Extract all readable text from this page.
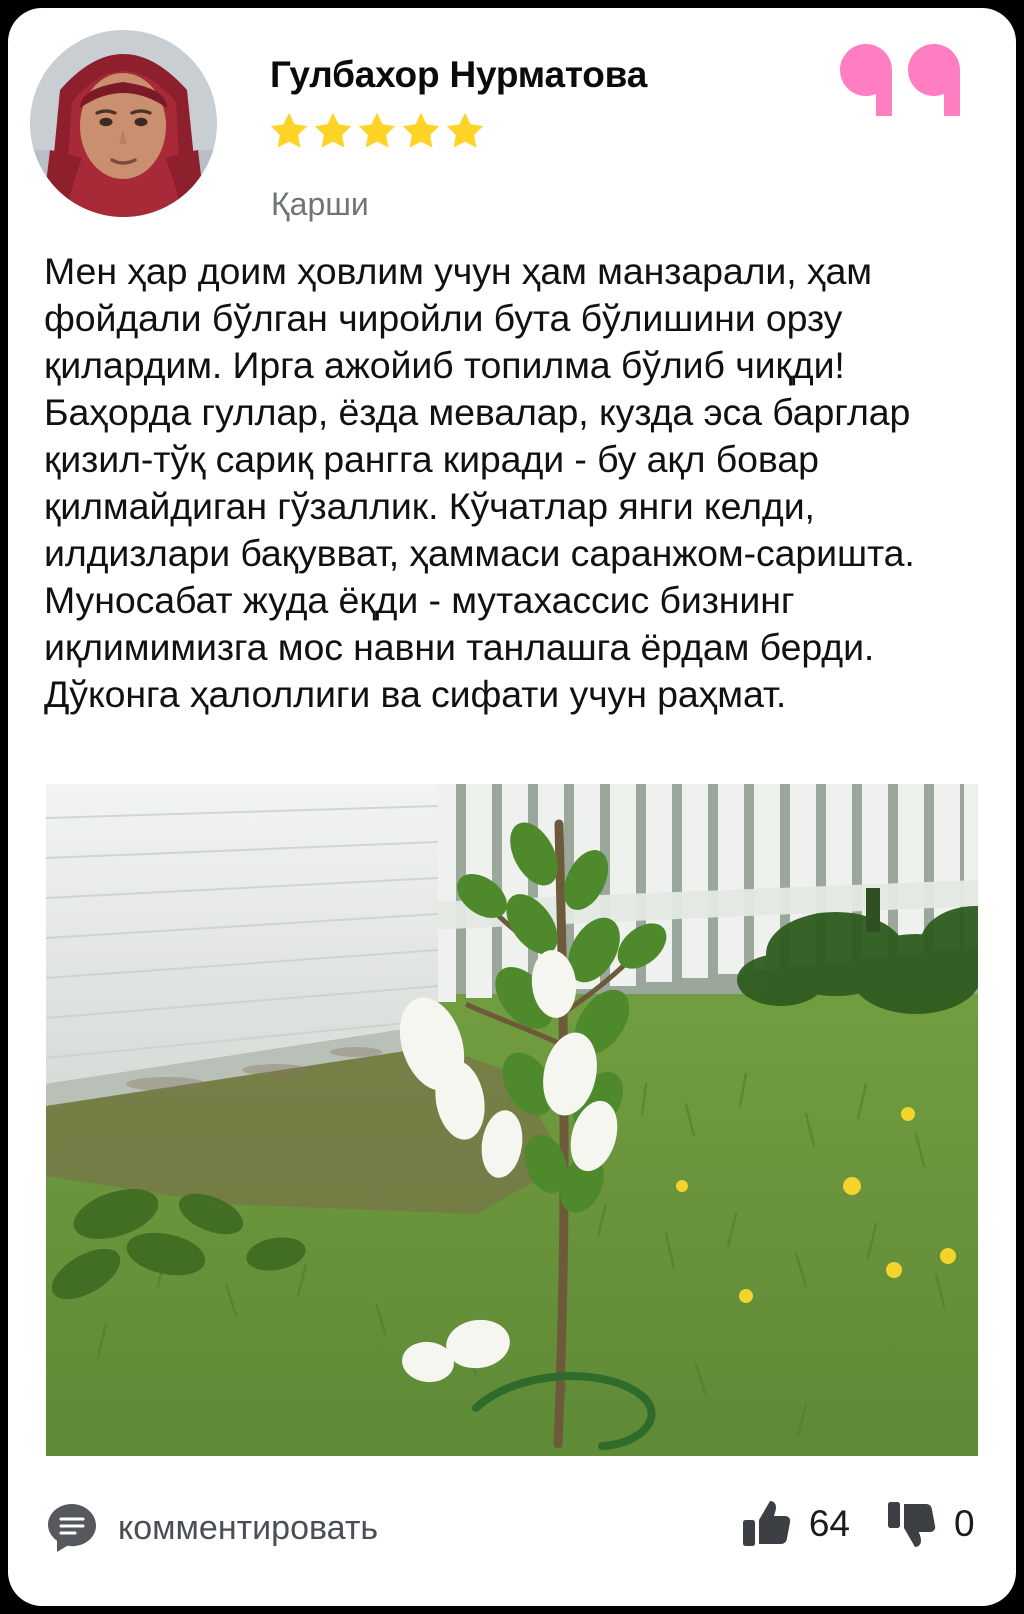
Гулбахор Нурматова
Қарши
Мен ҳар доим ҳовлим учун ҳам манзарали, ҳам фойдали бўлган чиройли бута бўлишини орзу қилардим. Ирга ажойиб топилма бўлиб чиқди! Баҳорда гуллар, ёзда мевалар, кузда эса барглар қизил-тўқ сариқ рангга киради - бу ақл бовар қилмайдиган гўзаллик. Кўчатлар янги келди, илдизлари бақувват, ҳаммаси саранжом-саришта. Муносабат жуда ёқди - мутахассис бизнинг иқлимимизга мос навни танлашга ёрдам берди. Дўконга ҳалоллиги ва сифати учун раҳмат.
комментировать	64	0
